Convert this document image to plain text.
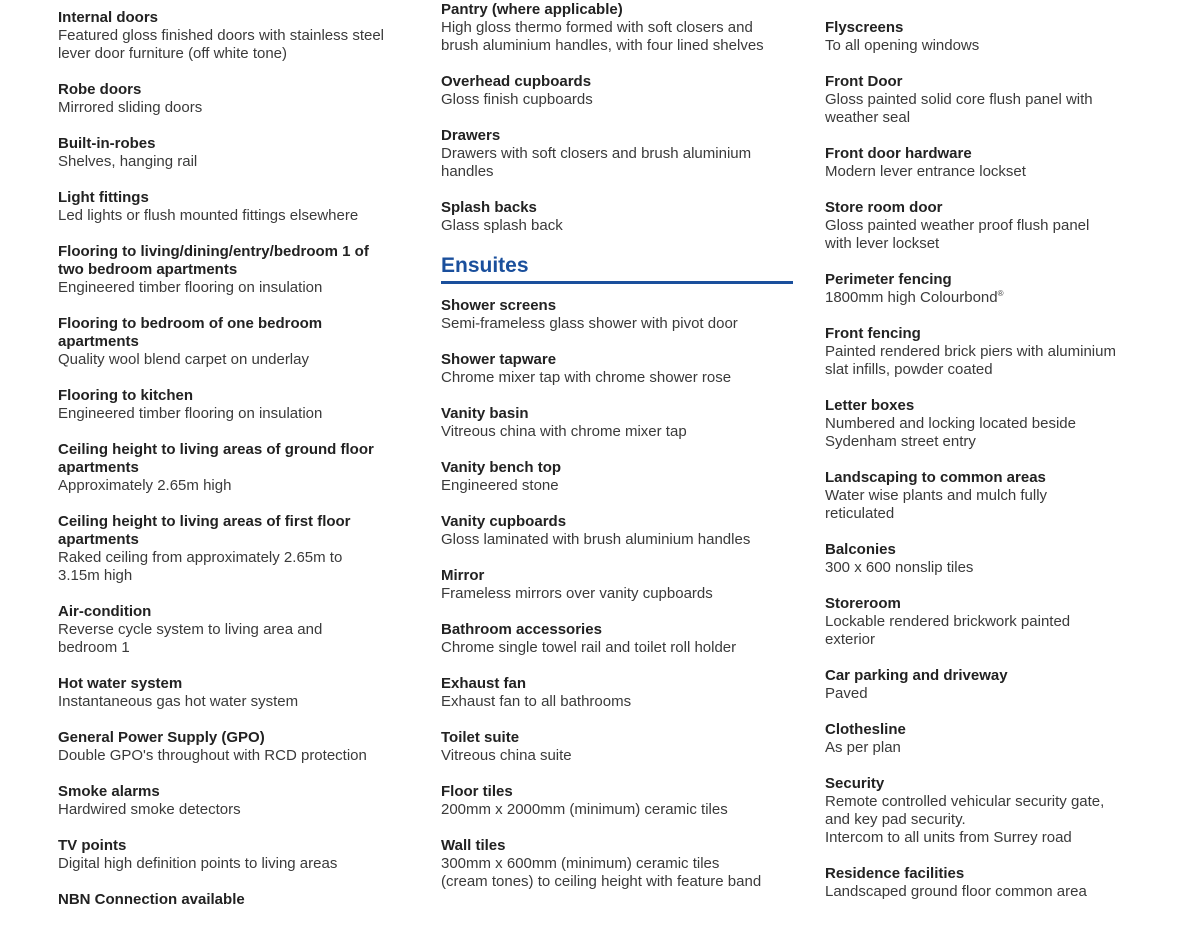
Internal doors
Featured gloss finished doors with stainless steel
lever door furniture (off white tone)
Robe doors
Mirrored sliding doors
Built-in-robes
Shelves, hanging rail
Light fittings
Led lights or flush mounted fittings elsewhere
Flooring to living/dining/entry/bedroom 1 of
two bedroom apartments
Engineered timber flooring on insulation
Flooring to bedroom of one bedroom
apartments
Quality wool blend carpet on underlay
Flooring to kitchen
Engineered timber flooring on insulation
Ceiling height to living areas of ground floor
apartments
Approximately 2.65m high
Ceiling height to living areas of first floor
apartments
Raked ceiling from approximately 2.65m to
3.15m high
Air-condition
Reverse cycle system to living area and
bedroom 1
Hot water system
Instantaneous gas hot water system
General Power Supply (GPO)
Double GPO's throughout with RCD protection
Smoke alarms
Hardwired smoke detectors
TV points
Digital high definition points to living areas
NBN Connection available
Pantry (where applicable)
High gloss thermo formed with soft closers and
brush aluminium handles, with four lined shelves
Overhead cupboards
Gloss finish cupboards
Drawers
Drawers with soft closers and brush aluminium
handles
Splash backs
Glass splash back
Ensuites
Shower screens
Semi-frameless glass shower with pivot door
Shower tapware
Chrome mixer tap with chrome shower rose
Vanity basin
Vitreous china with chrome mixer tap
Vanity bench top
Engineered stone
Vanity cupboards
Gloss laminated with brush aluminium handles
Mirror
Frameless mirrors over vanity cupboards
Bathroom accessories
Chrome single towel rail and toilet roll holder
Exhaust fan
Exhaust fan to all bathrooms
Toilet suite
Vitreous china suite
Floor tiles
200mm x 2000mm (minimum) ceramic tiles
Wall tiles
300mm x 600mm (minimum) ceramic tiles
(cream tones) to ceiling height with feature band
Flyscreens
To all opening windows
Front Door
Gloss painted solid core flush panel with
weather seal
Front door hardware
Modern lever entrance lockset
Store room door
Gloss painted weather proof flush panel
with lever lockset
Perimeter fencing
1800mm high Colourbond®
Front fencing
Painted rendered brick piers with aluminium
slat infills, powder coated
Letter boxes
Numbered and locking located beside
Sydenham street entry
Landscaping to common areas
Water wise plants and mulch fully
reticulated
Balconies
300 x 600 nonslip tiles
Storeroom
Lockable rendered brickwork painted
exterior
Car parking and driveway
Paved
Clothesline
As per plan
Security
Remote controlled vehicular security gate,
and key pad security.
Intercom to all units from Surrey road
Residence facilities
Landscaped ground floor common area
